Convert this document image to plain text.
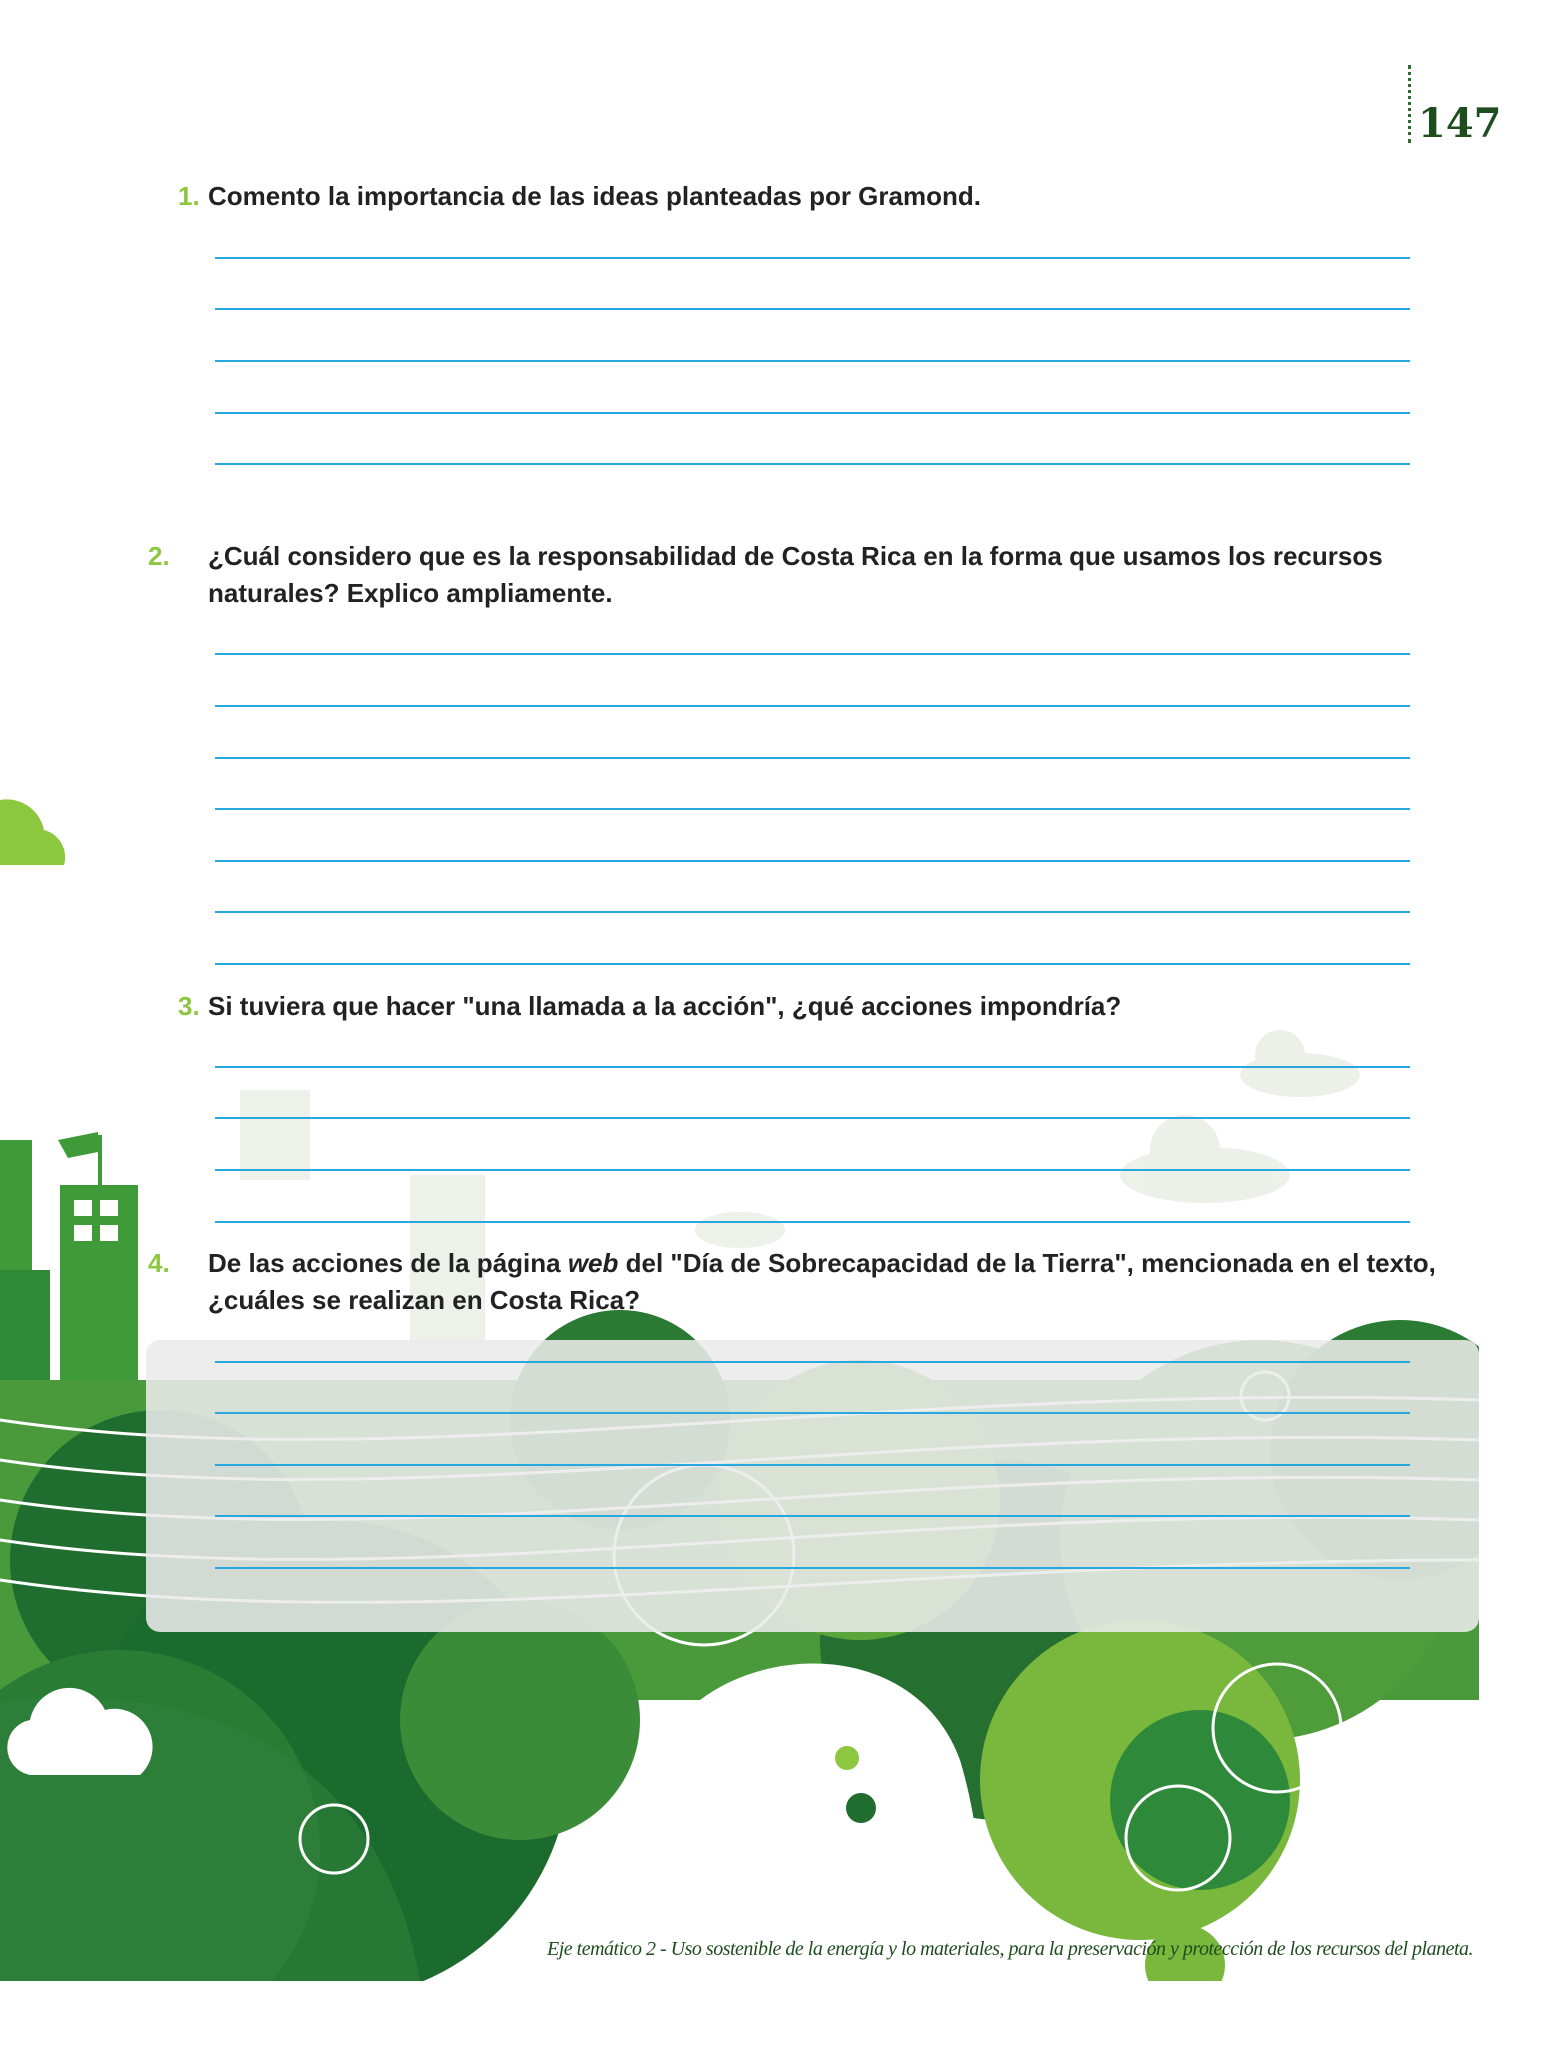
147
1. Comento la importancia de las ideas planteadas por Gramond.
2. ¿Cuál considero que es la responsabilidad de Costa Rica en la forma que usamos los recursos naturales? Explico ampliamente.
3. Si tuviera que hacer "una llamada a la acción", ¿qué acciones impondría?
4. De las acciones de la página web del "Día de Sobrecapacidad de la Tierra", mencionada en el texto, ¿cuáles se realizan en Costa Rica?
Eje temático 2 - Uso sostenible de la energía y lo materiales, para la preservación y protección de los recursos del planeta.
